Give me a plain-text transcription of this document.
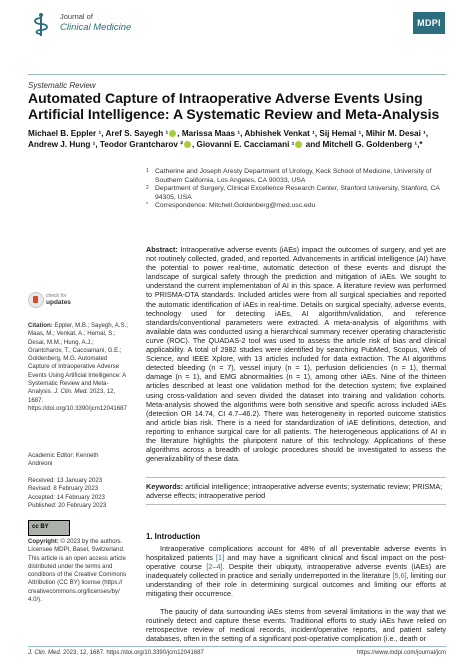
Journal of
Clinical Medicine	MDPI
Systematic Review
Automated Capture of Intraoperative Adverse Events Using Artificial Intelligence: A Systematic Review and Meta-Analysis
Michael B. Eppler ¹, Aref S. Sayegh ¹ , Marissa Maas ¹, Abhishek Venkat ¹, Sij Hemal ¹, Mihir M. Desai ¹,
Andrew J. Hung ¹, Teodor Grantcharov ² , Giovanni E. Cacciamani ¹ and Mitchell G. Goldenberg ¹,*
1 Catherine and Joseph Aresty Department of Urology, Keck School of Medicine, University of Southern California, Los Angeles, CA 90033, USA
2 Department of Surgery, Clinical Excellence Research Center, Stanford University, Stanford, CA 94305, USA
* Correspondence: Mitchell.Goldenberg@med.usc.edu
Abstract: Intraoperative adverse events (iAEs) impact the outcomes of surgery, and yet are not routinely collected, graded, and reported. Advancements in artificial intelligence (AI) have the potential to power real-time, automatic detection of these events and disrupt the landscape of surgical safety through the prediction and mitigation of iAEs. We sought to understand the current implementation of AI in this space. A literature review was performed to PRISMA-DTA standards. Included articles were from all surgical specialties and reported the automatic identification of iAEs in real-time. Details on surgical specialty, adverse events, technology used for detecting iAEs, AI algorithm/validation, and reference standards/conventional parameters were extracted. A meta-analysis of algorithms with available data was conducted using a hierarchical summary receiver operating characteristic curve (ROC). The QUADAS-2 tool was used to assess the article risk of bias and clinical applicability. A total of 2982 studies were identified by searching PubMed, Scopus, Web of Science, and IEEE Xplore, with 13 articles included for data extraction. The AI algorithms detected bleeding (n = 7), vessel injury (n = 1), perfusion deficiencies (n = 1), thermal damage (n = 1), and EMG abnormalities (n = 1), among other iAEs. Nine of the thirteen articles described at least one validation method for the detection system; five explained using cross-validation and seven divided the dataset into training and validation cohorts. Meta-analysis showed the algorithms were both sensitive and specific across included iAEs (detection OR 14.74, CI 4.7–46.2). There was heterogeneity in reported outcome statistics and article bias risk. There is a need for standardization of iAE definitions, detection, and reporting to enhance surgical care for all patients. The heterogeneous applications of AI in the literature highlights the pluripotent nature of this technology. Applications of these algorithms across a breadth of urologic procedures should be investigated to assess the generalizability of these data.
Keywords: artificial intelligence; intraoperative adverse events; systematic review; PRISMA; adverse effects; intraoperative period
check for
updates
Citation: Eppler, M.B.; Sayegh, A.S.; Maas, M.; Venkat, A.; Hemal, S.; Desai, M.M.; Hung, A.J.; Grantcharov, T.; Cacciamani, G.E.; Goldenberg, M.G. Automated Capture of Intraoperative Adverse Events Using Artificial Intelligence: A Systematic Review and Meta-Analysis. J. Clin. Med. 2023, 12, 1687. https://doi.org/10.3390/jcm12041687
Academic Editor: Kenneth
Andreoni
Received: 13 January 2023
Revised: 8 February 2023
Accepted: 14 February 2023
Published: 20 February 2023
cc BY
Copyright: © 2023 by the authors. Licensee MDPI, Basel, Switzerland. This article is an open access article distributed under the terms and conditions of the Creative Commons Attribution (CC BY) license (https:// creativecommons.org/licenses/by/ 4.0/).
1. Introduction
Intraoperative complications account for 48% of all preventable adverse events in hospitalized patients [1] and may have a significant clinical and fiscal impact on the post-operative course [2–4]. Despite their ubiquity, intraoperative adverse events (iAEs) are inadequately collected in practice and serially underreported in the literature [5,6], limiting our understanding of their role in determining surgical outcomes and limiting our efforts at mitigating their occurrence.
The paucity of data surrounding iAEs stems from several limitations in the way that we routinely detect and capture these events. Traditional efforts to study iAEs have relied on retrospective review of medical records, incident/operative reports, and patient safety databases, often in the setting of a significant post-operative complication (i.e., death or
J. Clin. Med. 2023, 12, 1687. https://doi.org/10.3390/jcm12041687	https://www.mdpi.com/journal/jcm
